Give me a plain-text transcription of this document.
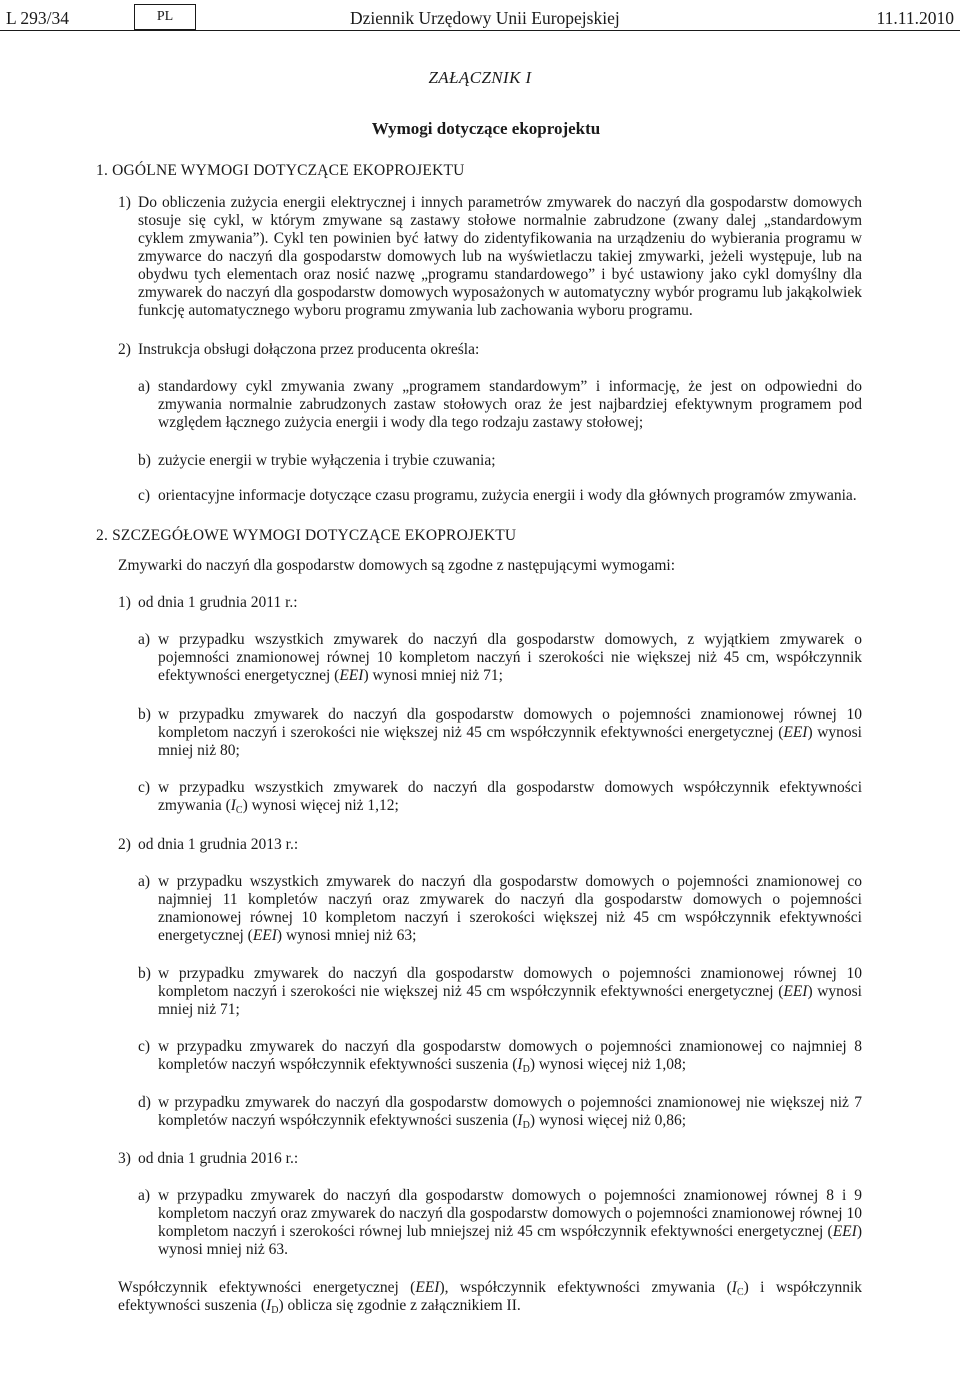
L 293/34	PL	Dziennik Urzędowy Unii Europejskiej	11.11.2010
ZAŁĄCZNIK I
Wymogi dotyczące ekoprojektu
1. OGÓLNE WYMOGI DOTYCZĄCE EKOPROJEKTU
1) Do obliczenia zużycia energii elektrycznej i innych parametrów zmywarek do naczyń dla gospodarstw domowych stosuje się cykl, w którym zmywane są zastawy stołowe normalnie zabrudzone (zwany dalej „standardowym cyklem zmywania”). Cykl ten powinien być łatwy do zidentyfikowania na urządzeniu do wybierania programu w zmywarce do naczyń dla gospodarstw domowych lub na wyświetlaczu takiej zmywarki, jeżeli występuje, lub na obydwu tych elementach oraz nosić nazwę „programu standardowego” i być ustawiony jako cykl domyślny dla zmywarek do naczyń dla gospodarstw domowych wyposażonych w automatyczny wybór programu lub jakąkolwiek funkcję automatycznego wyboru programu zmywania lub zachowania wyboru programu.
2) Instrukcja obsługi dołączona przez producenta określa:
a) standardowy cykl zmywania zwany „programem standardowym” i informację, że jest on odpowiedni do zmywania normalnie zabrudzonych zastaw stołowych oraz że jest najbardziej efektywnym programem pod względem łącznego zużycia energii i wody dla tego rodzaju zastawy stołowej;
b) zużycie energii w trybie wyłączenia i trybie czuwania;
c) orientacyjne informacje dotyczące czasu programu, zużycia energii i wody dla głównych programów zmywania.
2. SZCZEGÓŁOWE WYMOGI DOTYCZĄCE EKOPROJEKTU
Zmywarki do naczyń dla gospodarstw domowych są zgodne z następującymi wymogami:
1) od dnia 1 grudnia 2011 r.:
a) w przypadku wszystkich zmywarek do naczyń dla gospodarstw domowych, z wyjątkiem zmywarek o pojemności znamionowej równej 10 kompletom naczyń i szerokości nie większej niż 45 cm, współczynnik efektywności energetycznej (EEI) wynosi mniej niż 71;
b) w przypadku zmywarek do naczyń dla gospodarstw domowych o pojemności znamionowej równej 10 kompletom naczyń i szerokości nie większej niż 45 cm współczynnik efektywności energetycznej (EEI) wynosi mniej niż 80;
c) w przypadku wszystkich zmywarek do naczyń dla gospodarstw domowych współczynnik efektywności zmywania $(I_C)$ wynosi więcej niż 1,12;
2) od dnia 1 grudnia 2013 r.:
a) w przypadku wszystkich zmywarek do naczyń dla gospodarstw domowych o pojemności znamionowej co najmniej 11 kompletów naczyń oraz zmywarek do naczyń dla gospodarstw domowych o pojemności znamionowej równej 10 kompletom naczyń i szerokości większej niż 45 cm współczynnik efektywności energetycznej (EEI) wynosi mniej niż 63;
b) w przypadku zmywarek do naczyń dla gospodarstw domowych o pojemności znamionowej równej 10 kompletom naczyń i szerokości nie większej niż 45 cm współczynnik efektywności energetycznej (EEI) wynosi mniej niż 71;
c) w przypadku zmywarek do naczyń dla gospodarstw domowych o pojemności znamionowej co najmniej 8 kompletów naczyń współczynnik efektywności suszenia $(I_D)$ wynosi więcej niż 1,08;
d) w przypadku zmywarek do naczyń dla gospodarstw domowych o pojemności znamionowej nie większej niż 7 kompletów naczyń współczynnik efektywności suszenia $(I_D)$ wynosi więcej niż 0,86;
3) od dnia 1 grudnia 2016 r.:
a) w przypadku zmywarek do naczyń dla gospodarstw domowych o pojemności znamionowej równej 8 i 9 kompletom naczyń oraz zmywarek do naczyń dla gospodarstw domowych o pojemności znamionowej równej 10 kompletom naczyń i szerokości równej lub mniejszej niż 45 cm współczynnik efektywności energetycznej (EEI) wynosi mniej niż 63.
Współczynnik efektywności energetycznej (EEI), współczynnik efektywności zmywania $(I_C)$ i współczynnik efektywności suszenia $(I_D)$ oblicza się zgodnie z załącznikiem II.
